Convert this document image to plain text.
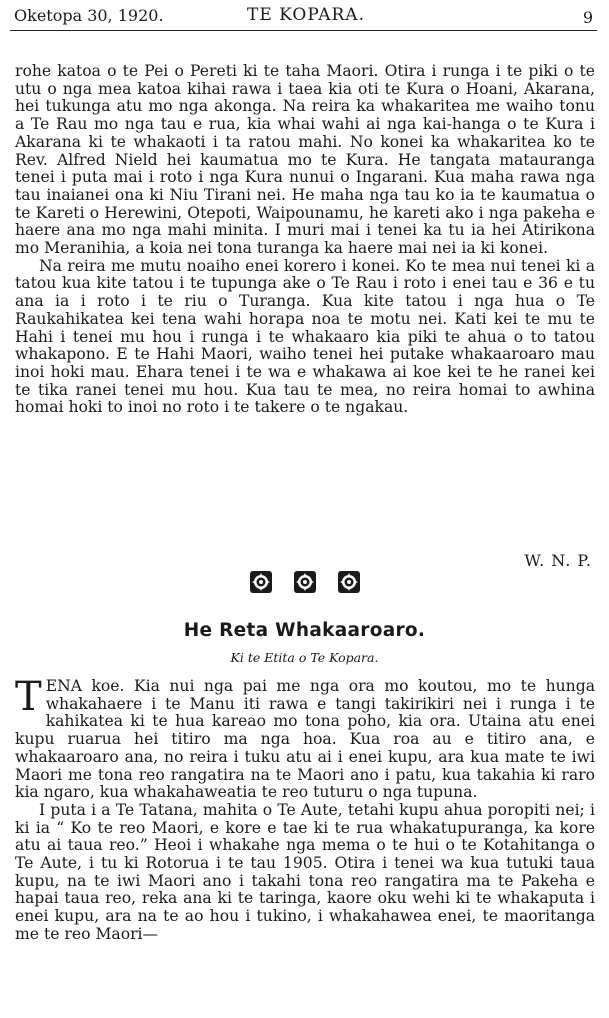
Oketopa 30, 1920.	TE KOPARA.	9

rohe katoa o te Pei o Pereti ki te taha Maori. Otira i runga i te piki o te utu o nga mea katoa kihai rawa i taea kia oti te Kura o Hoani, Akarana, hei tukunga atu mo nga akonga. Na reira ka whakaritea me waiho tonu a Te Rau mo nga tau e rua, kia whai wahi ai nga kai-hanga o te Kura i Akarana ki te whakaoti i ta ratou mahi. No konei ka whakaritea ko te Rev. Alfred Nield hei kaumatua mo te Kura. He tangata matauranga tenei i puta mai i roto i nga Kura nunui o Ingarani. Kua maha rawa nga tau inaianei ona ki Niu Tirani nei. He maha nga tau ko ia te kaumatua o te Kareti o Herewini, Otepoti, Waipounamu, he kareti ako i nga pakeha e haere ana mo nga mahi minita. I muri mai i tenei ka tu ia hei Atirikona mo Meranihia, a koia nei tona turanga ka haere mai nei ia ki konei.

Na reira me mutu noaiho enei korero i konei. Ko te mea nui tenei ki a tatou kua kite tatou i te tupunga ake o Te Rau i roto i enei tau e 36 e tu ana ia i roto i te riu o Turanga. Kua kite tatou i nga hua o Te Raukahikatea kei tena wahi horapa noa te motu nei. Kati kei te mu te Hahi i tenei mu hou i runga i te whakaaro kia piki te ahua o to tatou whakapono. E te Hahi Maori, waiho tenei hei putake whakaaroaro mau inoi hoki mau. Ehara tenei i te wa e whakawa ai koe kei te he ranei kei te tika ranei tenei mu hou. Kua tau te mea, no reira homai to awhina homai hoki to inoi no roto i te takere o te ngakau.

W. N. P.
He Reta Whakaaroaro.
Ki te Etita o Te Kopara.

TENA koe. Kia nui nga pai me nga ora mo koutou, mo te hunga whakahaere i te Manu iti rawa e tangi takirikiri nei i runga i te kahikatea ki te hua kareao mo tona poho, kia ora. Utaina atu enei kupu ruarua hei titiro ma nga hoa. Kua roa au e titiro ana, e whakaaroaro ana, no reira i tuku atu ai i enei kupu, ara kua mate te iwi Maori me tona reo rangatira na te Maori ano i patu, kua takahia ki raro kia ngaro, kua whakahaweatia te reo tuturu o nga tupuna.

I puta i a Te Tatana, mahita o Te Aute, tetahi kupu ahua poropiti nei; i ki ia “ Ko te reo Maori, e kore e tae ki te rua whakatupuranga, ka kore atu ai taua reo.” Heoi i whakahe nga mema o te hui o te Kotahitanga o Te Aute, i tu ki Rotorua i te tau 1905. Otira i tenei wa kua tutuki taua kupu, na te iwi Maori ano i takahi tona reo rangatira ma te Pakeha e hapai taua reo, reka ana ki te taringa, kaore oku wehi ki te whakaputa i enei kupu, ara na te ao hou i tukino, i whakahawea enei, te maoritanga me te reo Maori—
